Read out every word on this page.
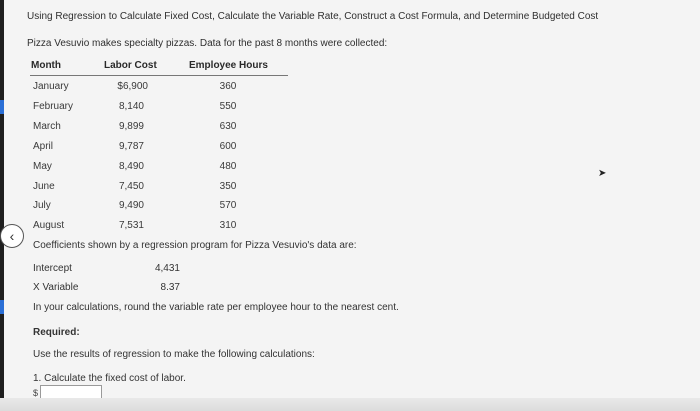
‹
Using Regression to Calculate Fixed Cost, Calculate the Variable Rate, Construct a Cost Formula, and Determine Budgeted Cost
Pizza Vesuvio makes specialty pizzas. Data for the past 8 months were collected:
Month	Labor Cost	Employee Hours
January	$6,900	360
February	8,140	550
March	9,899	630
April	9,787	600
May	8,490	480
June	7,450	350
July	9,490	570
August	7,531	310
Coefficients shown by a regression program for Pizza Vesuvio's data are:
Intercept	4,431
X Variable	8.37
In your calculations, round the variable rate per employee hour to the nearest cent.
Required:
Use the results of regression to make the following calculations:
1. Calculate the fixed cost of labor.
$
➤
